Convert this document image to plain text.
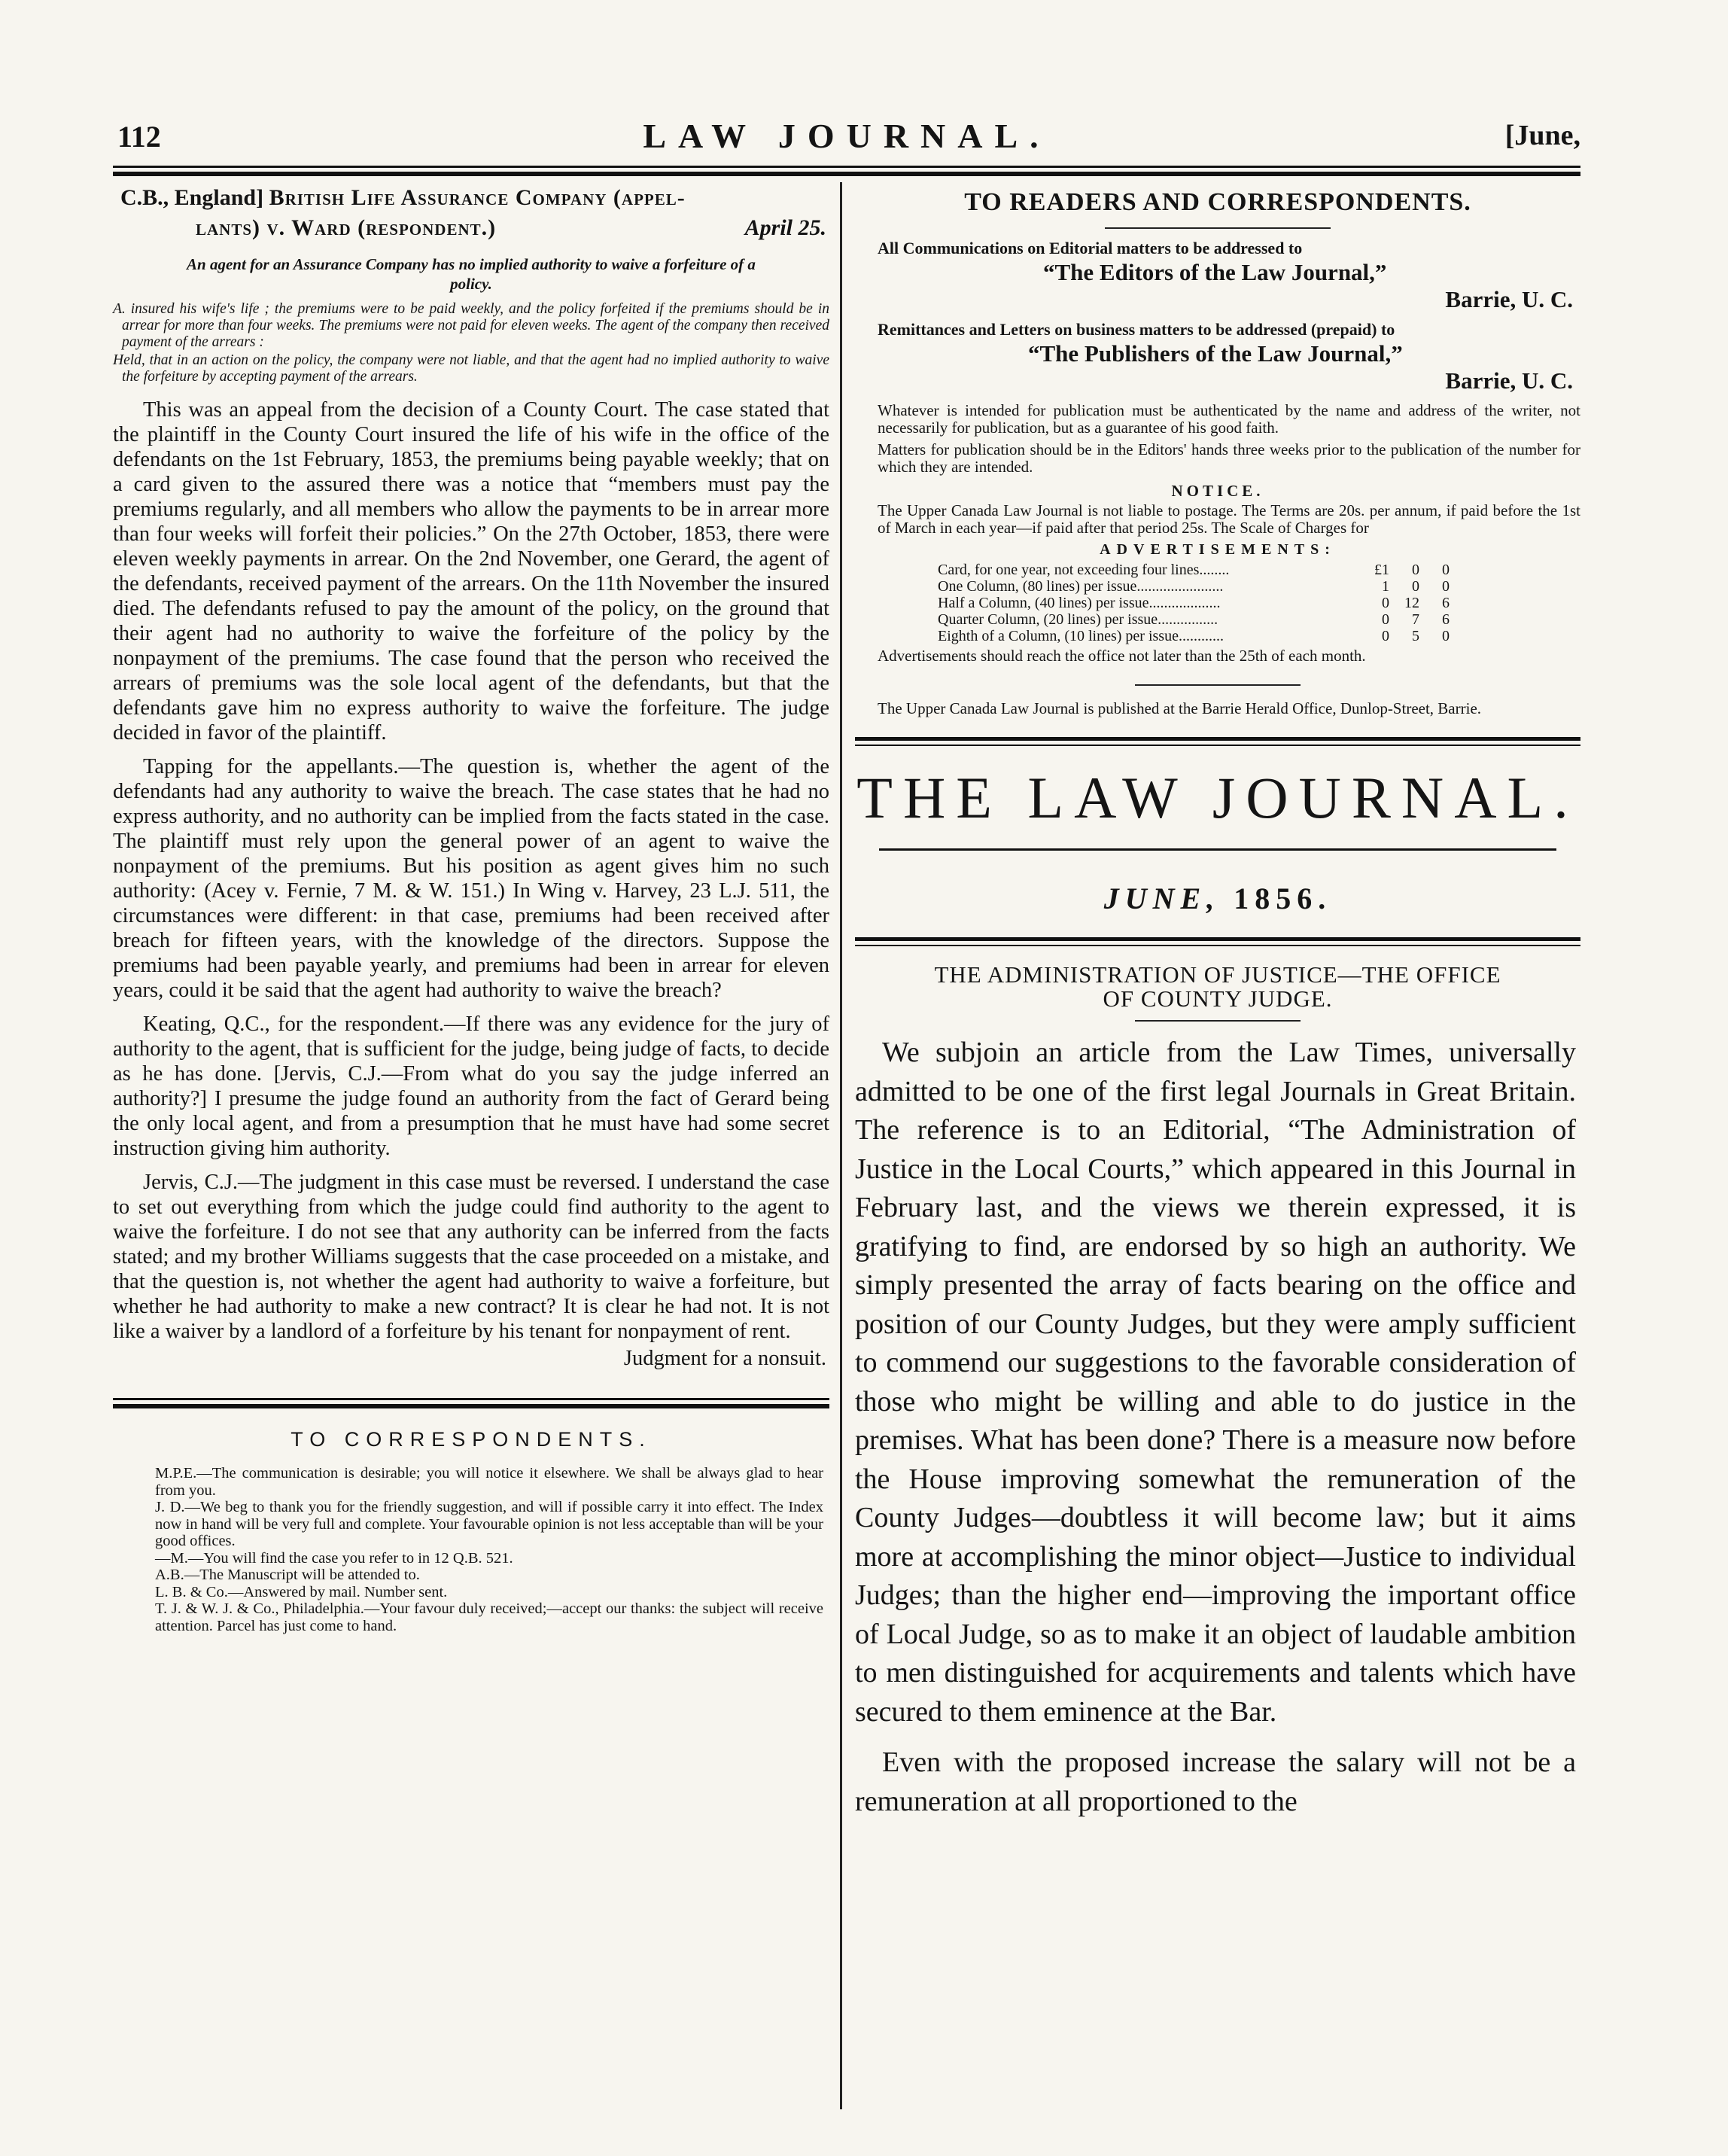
112	LAW JOURNAL.	[June,
C.B., England] British Life Assurance Company (appel-
lants) v. Ward (respondent.)	April 25.
An agent for an Assurance Company has no implied authority to waive a forfeiture of a policy.

A. insured his wife's life ; the premiums were to be paid weekly, and the policy forfeited if the premiums should be in arrear for more than four weeks. The premiums were not paid for eleven weeks. The agent of the company then received payment of the arrears :

Held, that in an action on the policy, the company were not liable, and that the agent had no implied authority to waive the forfeiture by accepting payment of the arrears.

This was an appeal from the decision of a County Court. The case stated that the plaintiff in the County Court insured the life of his wife in the office of the defendants on the 1st February, 1853, the premiums being payable weekly; that on a card given to the assured there was a notice that “members must pay the premiums regularly, and all members who allow the payments to be in arrear more than four weeks will forfeit their policies.” On the 27th October, 1853, there were eleven weekly payments in arrear. On the 2nd November, one Gerard, the agent of the defendants, received payment of the arrears. On the 11th November the insured died. The defendants refused to pay the amount of the policy, on the ground that their agent had no authority to waive the forfeiture of the policy by the nonpayment of the premiums. The case found that the person who received the arrears of premiums was the sole local agent of the defendants, but that the defendants gave him no express authority to waive the forfeiture. The judge decided in favor of the plaintiff.

Tapping for the appellants.—The question is, whether the agent of the defendants had any authority to waive the breach. The case states that he had no express authority, and no authority can be implied from the facts stated in the case. The plaintiff must rely upon the general power of an agent to waive the nonpayment of the premiums. But his position as agent gives him no such authority: (Acey v. Fernie, 7 M. & W. 151.) In Wing v. Harvey, 23 L.J. 511, the circumstances were different: in that case, premiums had been received after breach for fifteen years, with the knowledge of the directors. Suppose the premiums had been payable yearly, and premiums had been in arrear for eleven years, could it be said that the agent had authority to waive the breach?

Keating, Q.C., for the respondent.—If there was any evidence for the jury of authority to the agent, that is sufficient for the judge, being judge of facts, to decide as he has done. [Jervis, C.J.—From what do you say the judge inferred an authority?] I presume the judge found an authority from the fact of Gerard being the only local agent, and from a presumption that he must have had some secret instruction giving him authority.

Jervis, C.J.—The judgment in this case must be reversed. I understand the case to set out everything from which the judge could find authority to the agent to waive the forfeiture. I do not see that any authority can be inferred from the facts stated; and my brother Williams suggests that the case proceeded on a mistake, and that the question is, not whether the agent had authority to waive a forfeiture, but whether he had authority to make a new contract? It is clear he had not. It is not like a waiver by a landlord of a forfeiture by his tenant for nonpayment of rent.

Judgment for a nonsuit.
TO CORRESPONDENTS.

M.P.E.—The communication is desirable; you will notice it elsewhere. We shall be always glad to hear from you.

J. D.—We beg to thank you for the friendly suggestion, and will if possible carry it into effect. The Index now in hand will be very full and complete. Your favourable opinion is not less acceptable than will be your good offices.

—M.—You will find the case you refer to in 12 Q.B. 521.

A.B.—The Manuscript will be attended to.

L. B. & Co.—Answered by mail. Number sent.

T. J. & W. J. & Co., Philadelphia.—Your favour duly received;—accept our thanks: the subject will receive attention. Parcel has just come to hand.

TO READERS AND CORRESPONDENTS.
All Communications on Editorial matters to be addressed to
“The Editors of the Law Journal,”
Barrie, U. C.
Remittances and Letters on business matters to be addressed (prepaid) to
“The Publishers of the Law Journal,”
Barrie, U. C.

Whatever is intended for publication must be authenticated by the name and address of the writer, not necessarily for publication, but as a guarantee of his good faith.

Matters for publication should be in the Editors' hands three weeks prior to the publication of the number for which they are intended.

NOTICE.

The Upper Canada Law Journal is not liable to postage. The Terms are 20s. per annum, if paid before the 1st of March in each year—if paid after that period 25s. The Scale of Charges for

ADVERTISEMENTS:
Card, for one year, not exceeding four lines........	£1	0	0
One Column, (80 lines) per issue.......................	1	0	0
Half a Column, (40 lines) per issue...................	0	12	6
Quarter Column, (20 lines) per issue................	0	7	6
Eighth of a Column, (10 lines) per issue............	0	5	0

Advertisements should reach the office not later than the 25th of each month.

The Upper Canada Law Journal is published at the Barrie Herald Office, Dunlop-Street, Barrie.

THE LAW JOURNAL.
JUNE, 1856.
THE ADMINISTRATION OF JUSTICE—THE OFFICE
OF COUNTY JUDGE.

We subjoin an article from the Law Times, universally admitted to be one of the first legal Journals in Great Britain. The reference is to an Editorial, “The Administration of Justice in the Local Courts,” which appeared in this Journal in February last, and the views we therein expressed, it is gratifying to find, are endorsed by so high an authority. We simply presented the array of facts bearing on the office and position of our County Judges, but they were amply sufficient to commend our suggestions to the favorable consideration of those who might be willing and able to do justice in the premises. What has been done? There is a measure now before the House improving somewhat the remuneration of the County Judges—doubtless it will become law; but it aims more at accomplishing the minor object—Justice to individual Judges; than the higher end—improving the important office of Local Judge, so as to make it an object of laudable ambition to men distinguished for acquirements and talents which have secured to them eminence at the Bar.

Even with the proposed increase the salary will not be a remuneration at all proportioned to the
